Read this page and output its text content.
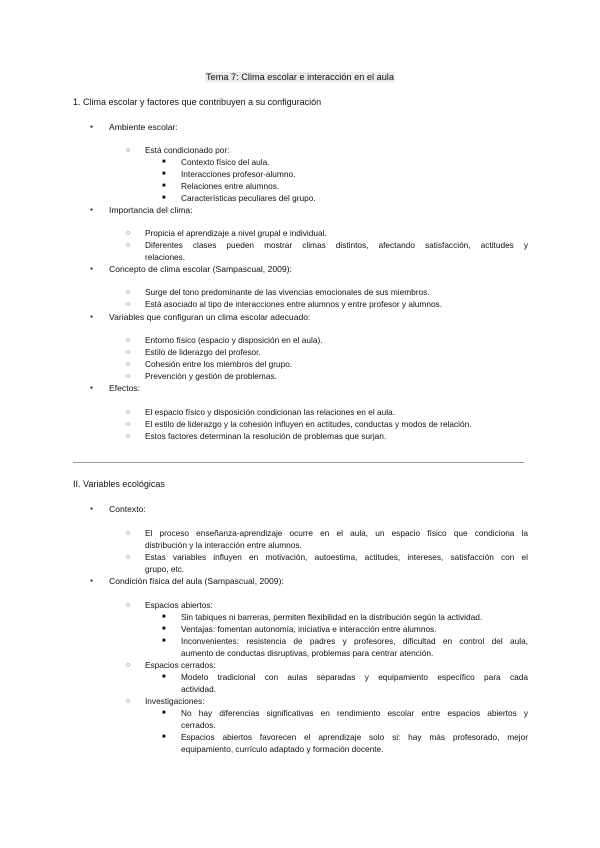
Tema 7: Clima escolar e interacción en el aula
1. Clima escolar y factores que contribuyen a su configuración
● Ambiente escolar:
○ Está condicionado por:
■ Contexto físico del aula.
■ Interacciones profesor-alumno.
■ Relaciones entre alumnos.
■ Características peculiares del grupo.
● Importancia del clima:
○ Propicia el aprendizaje a nivel grupal e individual.
○ Diferentes clases pueden mostrar climas distintos, afectando satisfacción, actitudes y
relaciones.
● Concepto de clima escolar (Sampascual, 2009):
○ Surge del tono predominante de las vivencias emocionales de sus miembros.
○ Está asociado al tipo de interacciones entre alumnos y entre profesor y alumnos.
● Variables que configuran un clima escolar adecuado:
○ Entorno físico (espacio y disposición en el aula).
○ Estilo de liderazgo del profesor.
○ Cohesión entre los miembros del grupo.
○ Prevención y gestión de problemas.
● Efectos:
○ El espacio físico y disposición condicionan las relaciones en el aula.
○ El estilo de liderazgo y la cohesión influyen en actitudes, conductas y modos de relación.
○ Estos factores determinan la resolución de problemas que surjan.
II. Variables ecológicas
● Contexto:
○ El proceso enseñanza-aprendizaje ocurre en el aula, un espacio físico que condiciona la
distribución y la interacción entre alumnos.
○ Estas variables influyen en motivación, autoestima, actitudes, intereses, satisfacción con el
grupo, etc.
● Condición física del aula (Sampascual, 2009):
○ Espacios abiertos:
■ Sin tabiques ni barreras, permiten flexibilidad en la distribución según la actividad.
■ Ventajas: fomentan autonomía, iniciativa e interacción entre alumnos.
■ Inconvenientes: resistencia de padres y profesores, dificultad en control del aula,
aumento de conductas disruptivas, problemas para centrar atención.
○ Espacios cerrados:
■ Modelo tradicional con aulas separadas y equipamiento específico para cada
actividad.
○ Investigaciones:
■ No hay diferencias significativas en rendimiento escolar entre espacios abiertos y
cerrados.
■ Espacios abiertos favorecen el aprendizaje solo si: hay más profesorado, mejor
equipamiento, currículo adaptado y formación docente.
